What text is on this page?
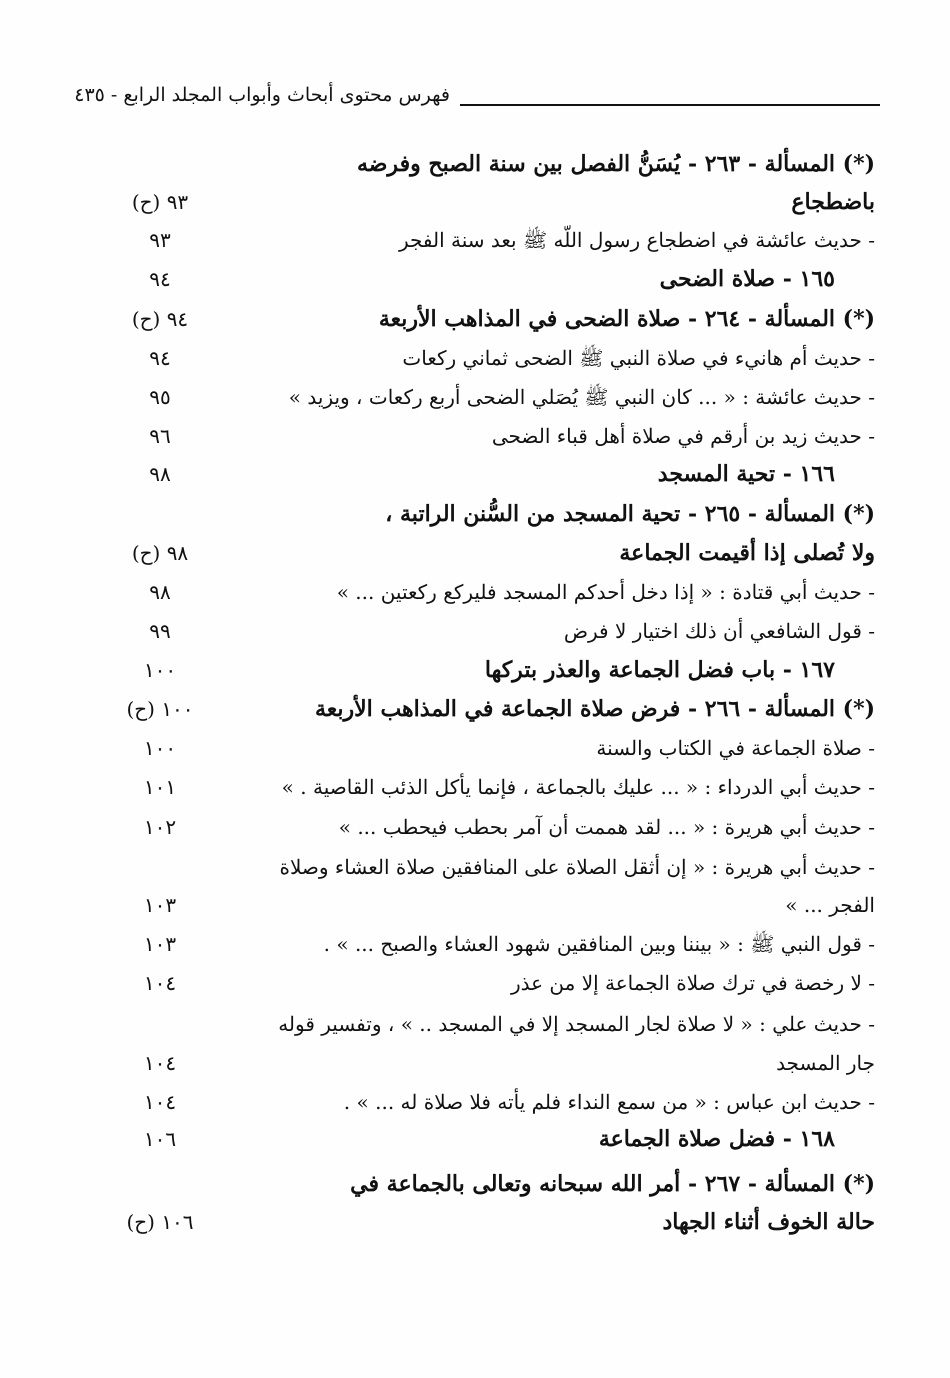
فهرس محتوى أبحاث وأبواب المجلد الرابع - ٤٣٥
(*) المسألة - ٢٦٣ - يُسَنُّ الفصل بين سنة الصبح وفرضه
باضطجاع
٩٣ (ح)
- حديث عائشة في اضطجاع رسول اللّه ﷺ بعد سنة الفجر
٩٣
١٦٥ - صلاة الضحى
٩٤
(*) المسألة - ٢٦٤ - صلاة الضحى في المذاهب الأربعة
٩٤ (ح)
- حديث أم هانيء في صلاة النبي ﷺ الضحى ثماني ركعات
٩٤
- حديث عائشة : « ... كان النبي ﷺ يُصَلي الضحى أربع ركعات ، ويزيد »
٩٥
- حديث زيد بن أرقم في صلاة أهل قباء الضحى
٩٦
١٦٦ - تحية المسجد
٩٨
(*) المسألة - ٢٦٥ - تحية المسجد من السُّنن الراتبة ،
ولا تُصلى إذا أقيمت الجماعة
٩٨ (ح)
- حديث أبي قتادة : « إذا دخل أحدكم المسجد فليركع ركعتين ... »
٩٨
- قول الشافعي أن ذلك اختيار لا فرض
٩٩
١٦٧ - باب فضل الجماعة والعذر بتركها
١٠٠
(*) المسألة - ٢٦٦ - فرض صلاة الجماعة في المذاهب الأربعة
١٠٠ (ح)
- صلاة الجماعة في الكتاب والسنة
١٠٠
- حديث أبي الدرداء : « ... عليك بالجماعة ، فإنما يأكل الذئب القاصية . »
١٠١
- حديث أبي هريرة : « ... لقد هممت أن آمر بحطب فيحطب ... »
١٠٢
- حديث أبي هريرة : « إن أثقل الصلاة على المنافقين صلاة العشاء وصلاة
الفجر ... »
١٠٣
- قول النبي ﷺ : « بيننا وبين المنافقين شهود العشاء والصبح ... » .
١٠٣
- لا رخصة في ترك صلاة الجماعة إلا من عذر
١٠٤
- حديث علي : « لا صلاة لجار المسجد إلا في المسجد .. » ، وتفسير قوله
جار المسجد
١٠٤
- حديث ابن عباس : « من سمع النداء فلم يأته فلا صلاة له ... » .
١٠٤
١٦٨ - فضل صلاة الجماعة
١٠٦
(*) المسألة - ٢٦٧ - أمر الله سبحانه وتعالى بالجماعة في
حالة الخوف أثناء الجهاد
١٠٦ (ح)
